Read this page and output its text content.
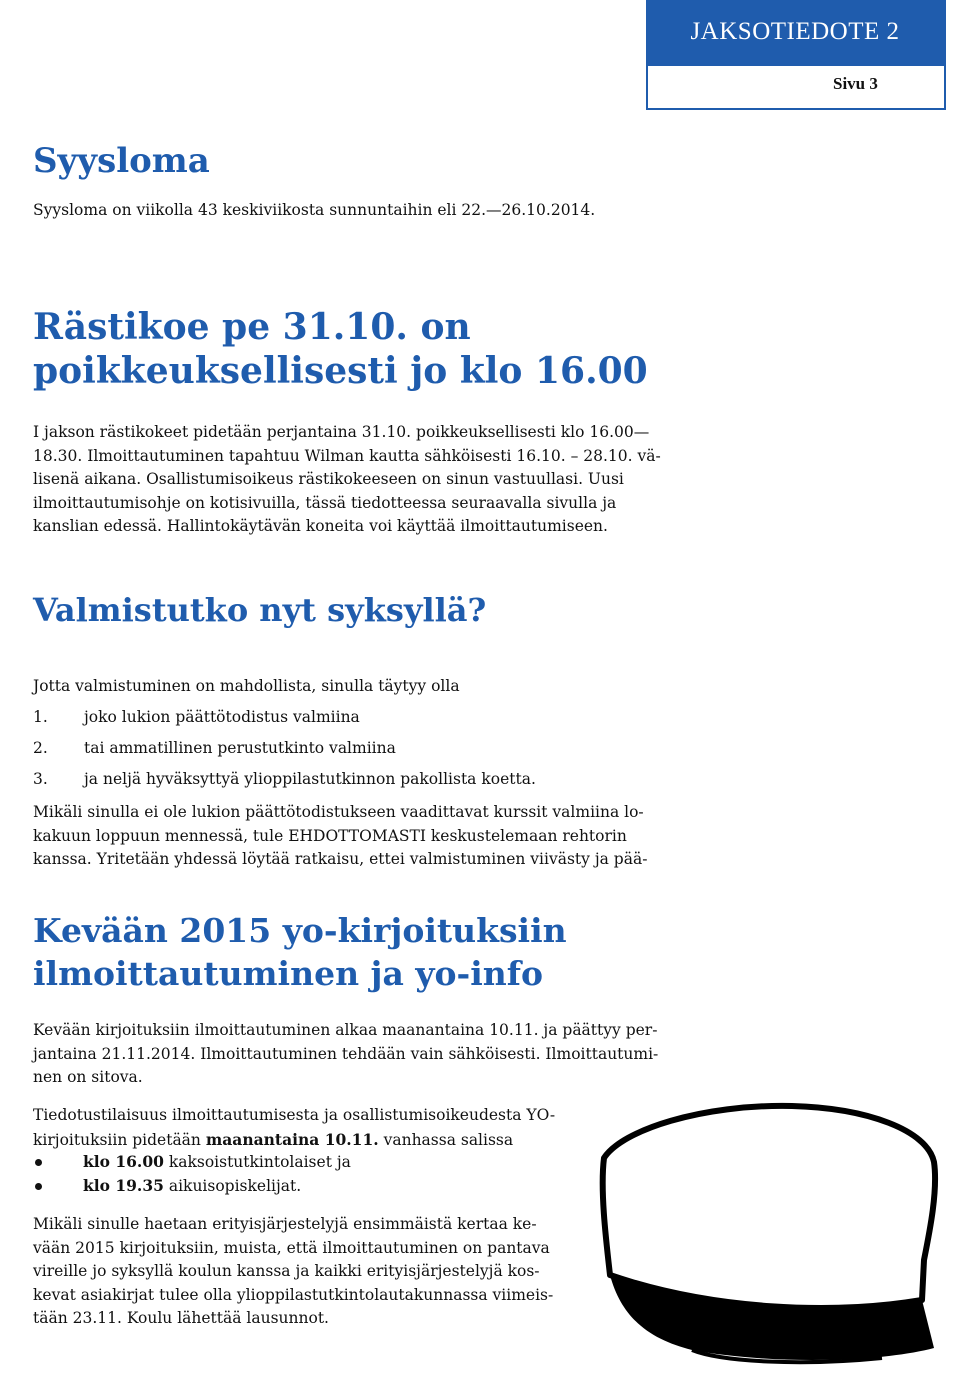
JAKSOTIEDOTE 2
Sivu 3
Syysloma

Syysloma on viikolla 43 keskiviikosta sunnuntaihin eli 22.—26.10.2014.

Rästikoe pe 31.10. on
poikkeuksellisesti jo klo 16.00
I jakson rästikokeet pidetään perjantaina 31.10. poikkeuksellisesti klo 16.00—
18.30. Ilmoittautuminen tapahtuu Wilman kautta sähköisesti 16.10. – 28.10. vä-
lisenä aikana. Osallistumisoikeus rästikokeeseen on sinun vastuullasi. Uusi
ilmoittautumisohje on kotisivuilla, tässä tiedotteessa seuraavalla sivulla ja
kanslian edessä. Hallintokäytävän koneita voi käyttää ilmoittautumiseen.
Valmistutko nyt syksyllä?

Jotta valmistuminen on mahdollista, sinulla täytyy olla

1. joko lukion päättötodistus valmiina
2. tai ammatillinen perustutkinto valmiina
3. ja neljä hyväksyttyä ylioppilastutkinnon pakollista koetta.
Mikäli sinulla ei ole lukion päättötodistukseen vaadittavat kurssit valmiina lo-
kakuun loppuun mennessä, tule EHDOTTOMASTI keskustelemaan rehtorin
kanssa. Yritetään yhdessä löytää ratkaisu, ettei valmistuminen viivästy ja pää-
Kevään 2015 yo-kirjoituksiin
ilmoittautuminen ja yo-info
Kevään kirjoituksiin ilmoittautuminen alkaa maanantaina 10.11. ja päättyy per-
jantaina 21.11.2014. Ilmoittautuminen tehdään vain sähköisesti. Ilmoittautumi-
nen on sitova.
Tiedotustilaisuus ilmoittautumisesta ja osallistumisoikeudesta YO-
kirjoituksiin pidetään maanantaina 10.11. vanhassa salissa
klo 16.00 kaksoistutkintolaiset ja
klo 19.35 aikuisopiskelijat.
Mikäli sinulle haetaan erityisjärjestelyjä ensimmäistä kertaa ke-
vään 2015 kirjoituksiin, muista, että ilmoittautuminen on pantava
vireille jo syksyllä koulun kanssa ja kaikki erityisjärjestelyjä kos-
kevat asiakirjat tulee olla ylioppilastutkintolautakunnassa viimeis-
tään 23.11. Koulu lähettää lausunnot.
